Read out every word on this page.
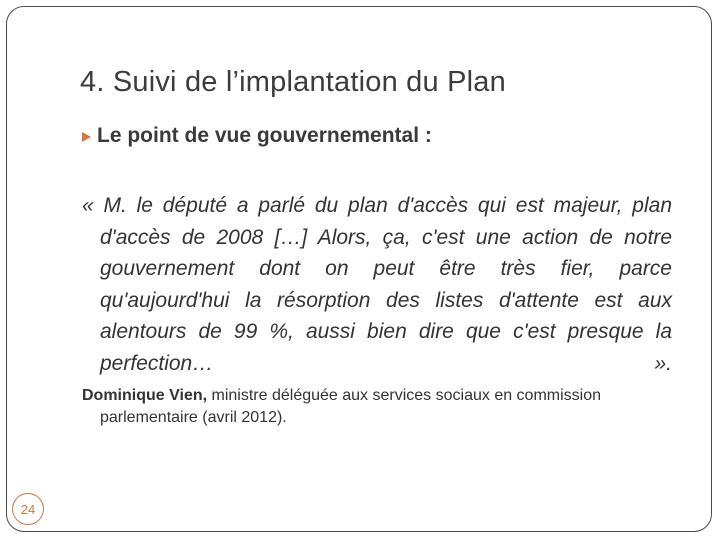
4. Suivi de l’implantation du Plan
Le point de vue gouvernemental :
« M. le député a parlé du plan d'accès qui est majeur, plan d'accès de 2008 […] Alors, ça, c'est une action de notre gouvernement dont on peut être très fier, parce qu'aujourd'hui la résorption des listes d'attente est aux alentours de 99 %, aussi bien dire que c'est presque la perfection… ».
Dominique Vien, ministre déléguée aux services sociaux en commission parlementaire (avril 2012).
24
